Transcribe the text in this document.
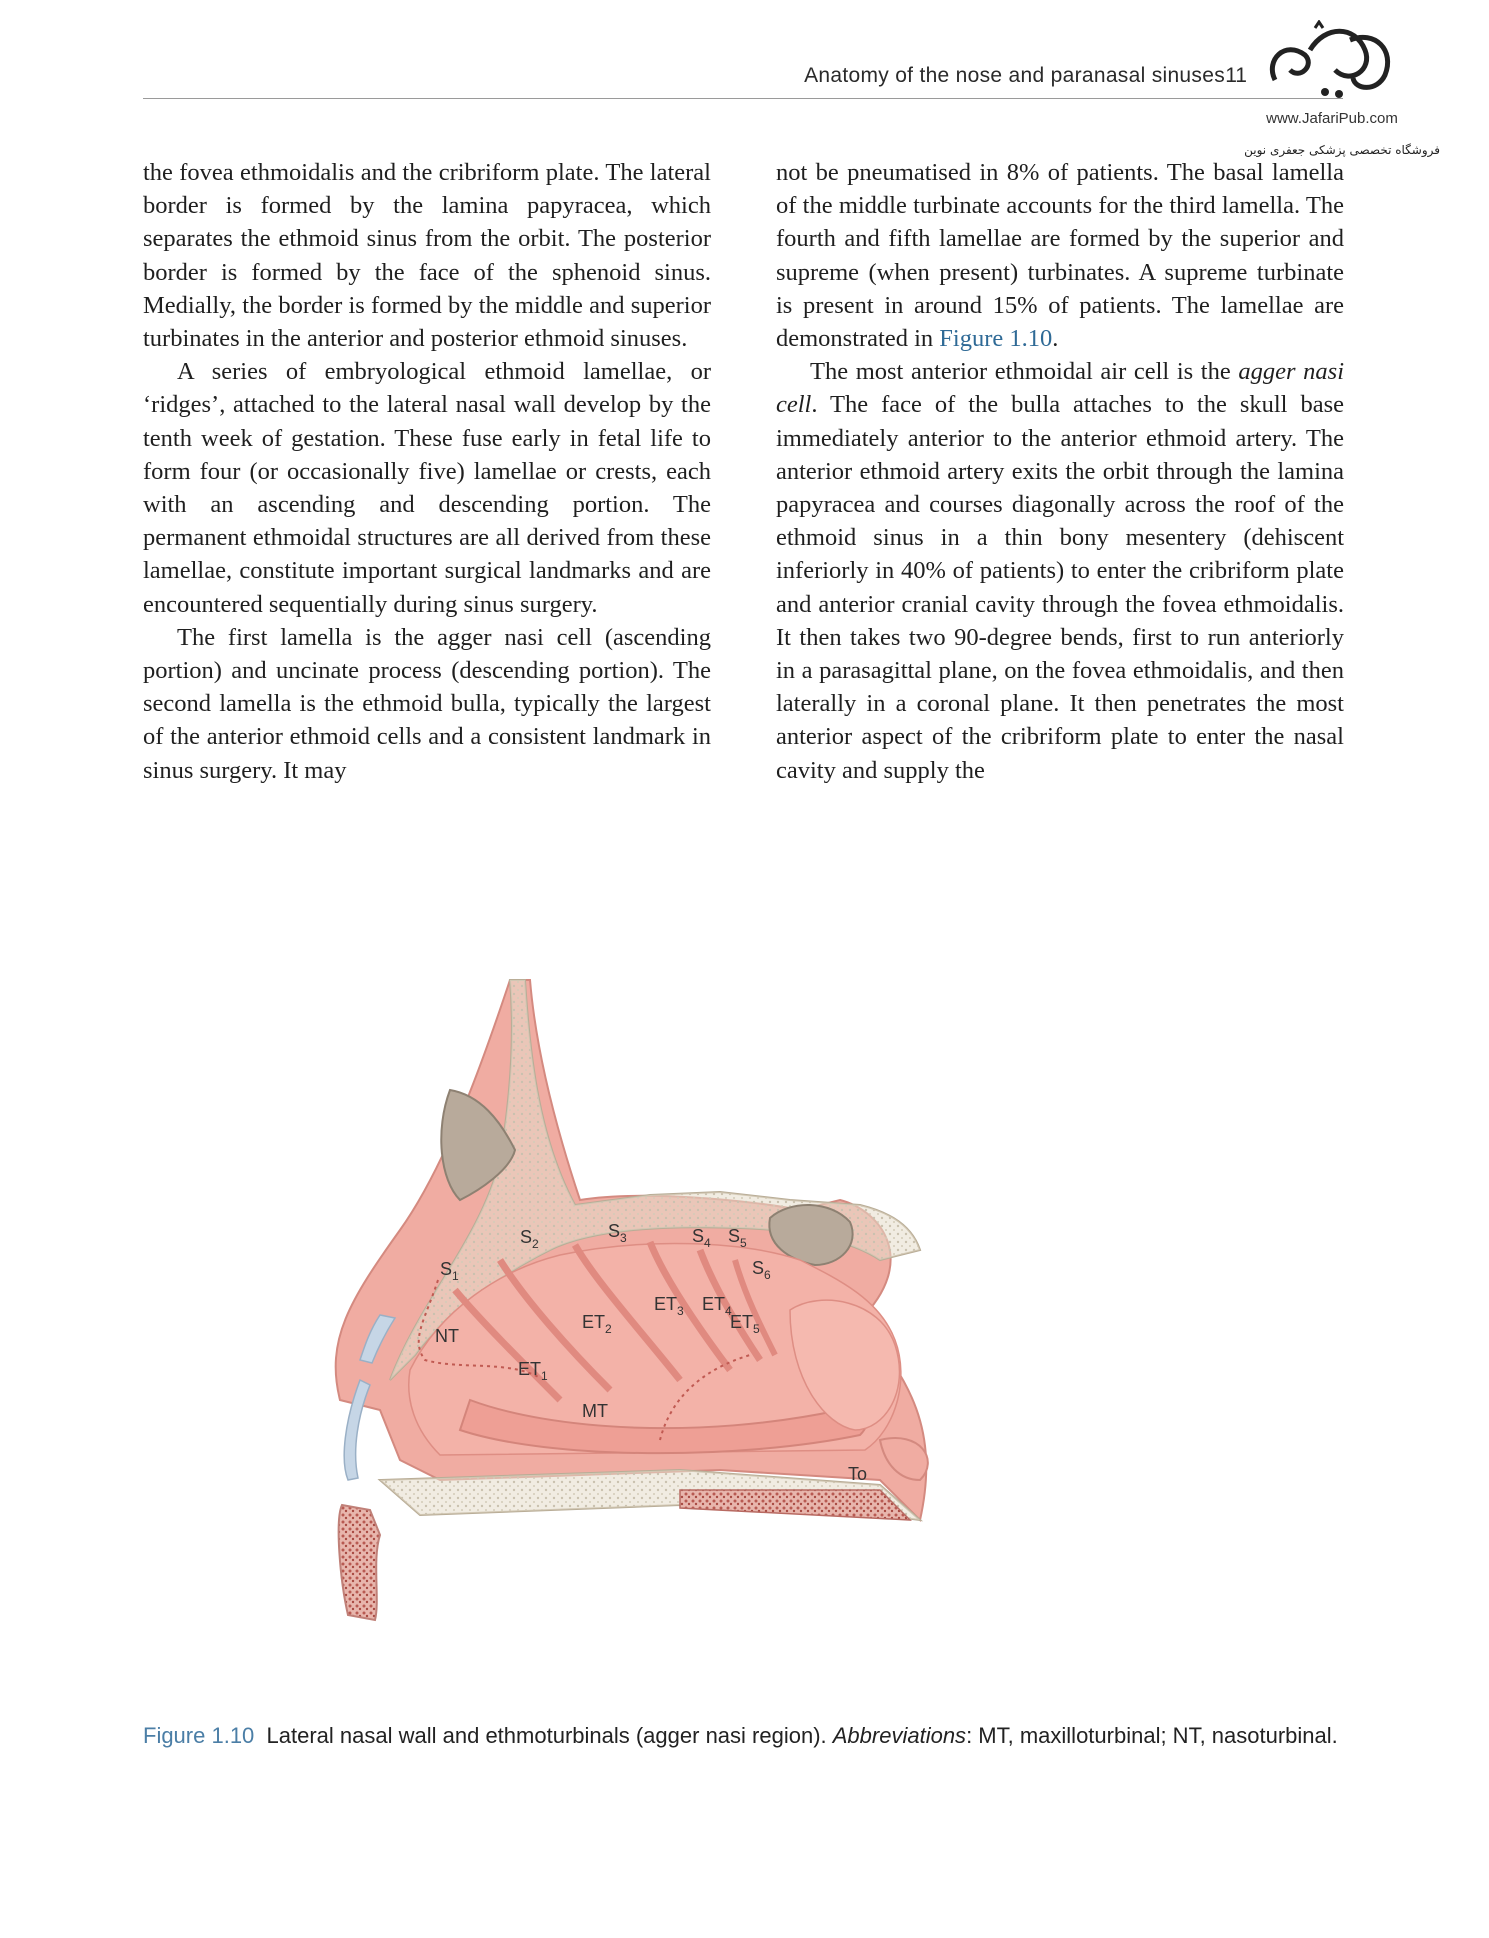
Anatomy of the nose and paranasal sinuses 11
www.JafariPub.com
فروشگاه تخصصی پزشکی جعفری نوین

the fovea ethmoidalis and the cribriform plate. The lateral border is formed by the lamina papyracea, which separates the ethmoid sinus from the orbit. The posterior border is formed by the face of the sphenoid sinus. Medially, the border is formed by the middle and superior turbinates in the anterior and posterior ethmoid sinuses.

A series of embryological ethmoid lamellae, or ‘ridges’, attached to the lateral nasal wall develop by the tenth week of gestation. These fuse early in fetal life to form four (or occasionally five) lamellae or crests, each with an ascending and descending portion. The permanent ethmoidal structures are all derived from these lamellae, constitute important surgical landmarks and are encountered sequentially during sinus surgery.

The first lamella is the agger nasi cell (ascending portion) and uncinate process (descending portion). The second lamella is the ethmoid bulla, typically the largest of the anterior ethmoid cells and a consistent landmark in sinus surgery. It may

not be pneumatised in 8% of patients. The basal lamella of the middle turbinate accounts for the third lamella. The fourth and fifth lamellae are formed by the superior and supreme (when present) turbinates. A supreme turbinate is present in around 15% of patients. The lamellae are demonstrated in Figure 1.10.

The most anterior ethmoidal air cell is the agger nasi cell. The face of the bulla attaches to the skull base immediately anterior to the anterior ethmoid artery. The anterior ethmoid artery exits the orbit through the lamina papyracea and courses diagonally across the roof of the ethmoid sinus in a thin bony mesentery (dehiscent inferiorly in 40% of patients) to enter the cribriform plate and anterior cranial cavity through the fovea ethmoidalis. It then takes two 90-degree bends, first to run anteriorly in a parasagittal plane, on the fovea ethmoidalis, and then laterally in a coronal plane. It then penetrates the most anterior aspect of the cribriform plate to enter the nasal cavity and supply the

$S_1$
$S_2$
$S_3$	$S_4$ $S_5$
$S_6$
NT
$ET_1$
$ET_2$
$ET_3$ $ET_4$
$ET_5$
MT
To
Figure 1.10 Lateral nasal wall and ethmoturbinals (agger nasi region). Abbreviations: MT, maxilloturbinal; NT, nasoturbinal.
